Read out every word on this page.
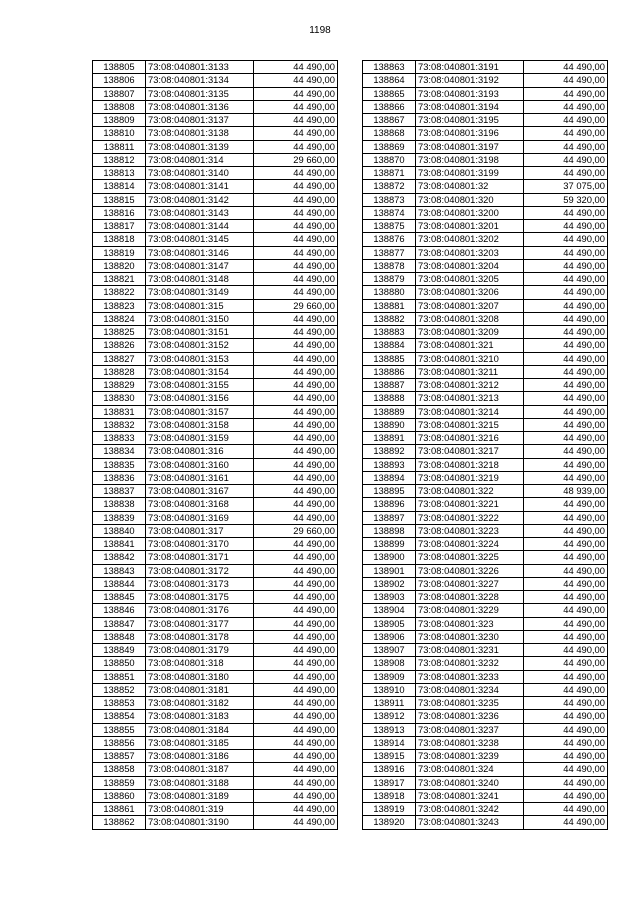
1198
138805	73:08:040801:3133	44 490,00
138806	73:08:040801:3134	44 490,00
138807	73:08:040801:3135	44 490,00
138808	73:08:040801:3136	44 490,00
138809	73:08:040801:3137	44 490,00
138810	73:08:040801:3138	44 490,00
138811	73:08:040801:3139	44 490,00
138812	73:08:040801:314	29 660,00
138813	73:08:040801:3140	44 490,00
138814	73:08:040801:3141	44 490,00
138815	73:08:040801:3142	44 490,00
138816	73:08:040801:3143	44 490,00
138817	73:08:040801:3144	44 490,00
138818	73:08:040801:3145	44 490,00
138819	73:08:040801:3146	44 490,00
138820	73:08:040801:3147	44 490,00
138821	73:08:040801:3148	44 490,00
138822	73:08:040801:3149	44 490,00
138823	73:08:040801:315	29 660,00
138824	73:08:040801:3150	44 490,00
138825	73:08:040801:3151	44 490,00
138826	73:08:040801:3152	44 490,00
138827	73:08:040801:3153	44 490,00
138828	73:08:040801:3154	44 490,00
138829	73:08:040801:3155	44 490,00
138830	73:08:040801:3156	44 490,00
138831	73:08:040801:3157	44 490,00
138832	73:08:040801:3158	44 490,00
138833	73:08:040801:3159	44 490,00
138834	73:08:040801:316	44 490,00
138835	73:08:040801:3160	44 490,00
138836	73:08:040801:3161	44 490,00
138837	73:08:040801:3167	44 490,00
138838	73:08:040801:3168	44 490,00
138839	73:08:040801:3169	44 490,00
138840	73:08:040801:317	29 660,00
138841	73:08:040801:3170	44 490,00
138842	73:08:040801:3171	44 490,00
138843	73:08:040801:3172	44 490,00
138844	73:08:040801:3173	44 490,00
138845	73:08:040801:3175	44 490,00
138846	73:08:040801:3176	44 490,00
138847	73:08:040801:3177	44 490,00
138848	73:08:040801:3178	44 490,00
138849	73:08:040801:3179	44 490,00
138850	73:08:040801:318	44 490,00
138851	73:08:040801:3180	44 490,00
138852	73:08:040801:3181	44 490,00
138853	73:08:040801:3182	44 490,00
138854	73:08:040801:3183	44 490,00
138855	73:08:040801:3184	44 490,00
138856	73:08:040801:3185	44 490,00
138857	73:08:040801:3186	44 490,00
138858	73:08:040801:3187	44 490,00
138859	73:08:040801:3188	44 490,00
138860	73:08:040801:3189	44 490,00
138861	73:08:040801:319	44 490,00
138862	73:08:040801:3190	44 490,00
138863	73:08:040801:3191	44 490,00
138864	73:08:040801:3192	44 490,00
138865	73:08:040801:3193	44 490,00
138866	73:08:040801:3194	44 490,00
138867	73:08:040801:3195	44 490,00
138868	73:08:040801:3196	44 490,00
138869	73:08:040801:3197	44 490,00
138870	73:08:040801:3198	44 490,00
138871	73:08:040801:3199	44 490,00
138872	73:08:040801:32	37 075,00
138873	73:08:040801:320	59 320,00
138874	73:08:040801:3200	44 490,00
138875	73:08:040801:3201	44 490,00
138876	73:08:040801:3202	44 490,00
138877	73:08:040801:3203	44 490,00
138878	73:08:040801:3204	44 490,00
138879	73:08:040801:3205	44 490,00
138880	73:08:040801:3206	44 490,00
138881	73:08:040801:3207	44 490,00
138882	73:08:040801:3208	44 490,00
138883	73:08:040801:3209	44 490,00
138884	73:08:040801:321	44 490,00
138885	73:08:040801:3210	44 490,00
138886	73:08:040801:3211	44 490,00
138887	73:08:040801:3212	44 490,00
138888	73:08:040801:3213	44 490,00
138889	73:08:040801:3214	44 490,00
138890	73:08:040801:3215	44 490,00
138891	73:08:040801:3216	44 490,00
138892	73:08:040801:3217	44 490,00
138893	73:08:040801:3218	44 490,00
138894	73:08:040801:3219	44 490,00
138895	73:08:040801:322	48 939,00
138896	73:08:040801:3221	44 490,00
138897	73:08:040801:3222	44 490,00
138898	73:08:040801:3223	44 490,00
138899	73:08:040801:3224	44 490,00
138900	73:08:040801:3225	44 490,00
138901	73:08:040801:3226	44 490,00
138902	73:08:040801:3227	44 490,00
138903	73:08:040801:3228	44 490,00
138904	73:08:040801:3229	44 490,00
138905	73:08:040801:323	44 490,00
138906	73:08:040801:3230	44 490,00
138907	73:08:040801:3231	44 490,00
138908	73:08:040801:3232	44 490,00
138909	73:08:040801:3233	44 490,00
138910	73:08:040801:3234	44 490,00
138911	73:08:040801:3235	44 490,00
138912	73:08:040801:3236	44 490,00
138913	73:08:040801:3237	44 490,00
138914	73:08:040801:3238	44 490,00
138915	73:08:040801:3239	44 490,00
138916	73:08:040801:324	44 490,00
138917	73:08:040801:3240	44 490,00
138918	73:08:040801:3241	44 490,00
138919	73:08:040801:3242	44 490,00
138920	73:08:040801:3243	44 490,00
